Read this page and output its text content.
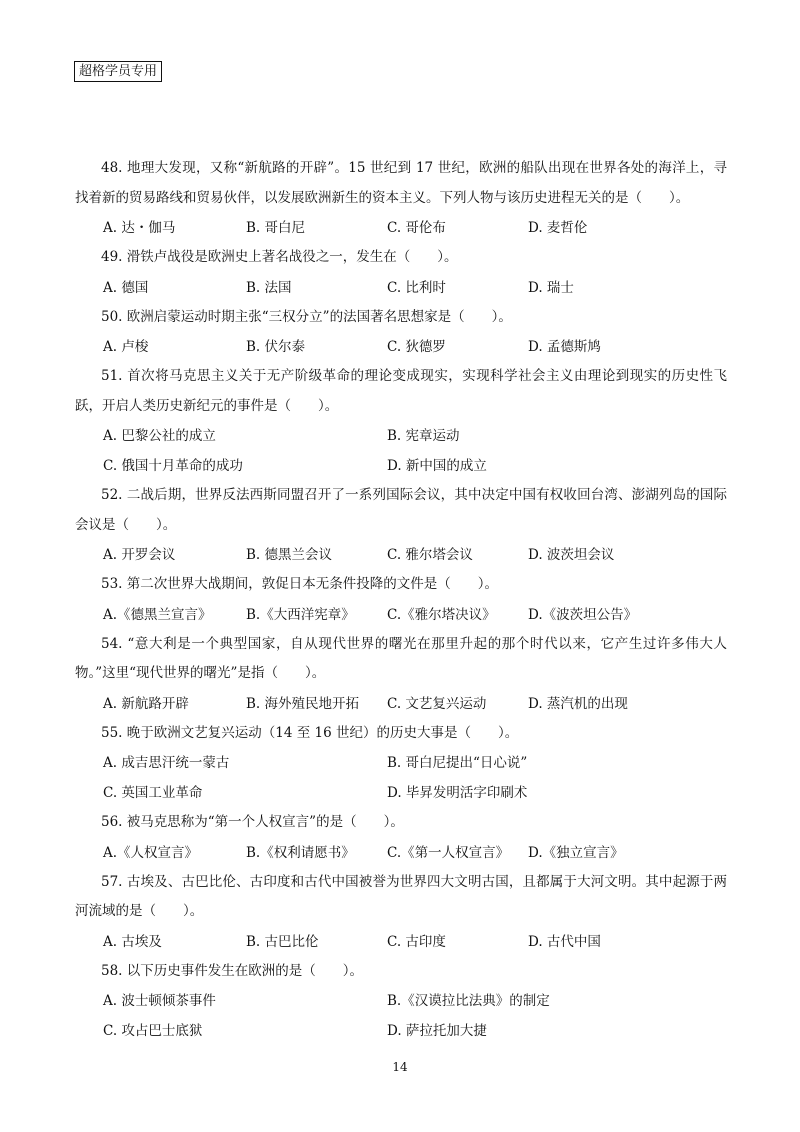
超格学员专用

48. 地理大发现，又称“新航路的开辟”。15 世纪到 17 世纪，欧洲的船队出现在世界各处的海洋上，寻找着新的贸易路线和贸易伙伴，以发展欧洲新生的资本主义。下列人物与该历史进程无关的是（　　）。

A. 达・伽马	B. 哥白尼	C. 哥伦布	D. 麦哲伦

49. 滑铁卢战役是欧洲史上著名战役之一，发生在（　　）。

A. 德国	B. 法国	C. 比利时	D. 瑞士

50. 欧洲启蒙运动时期主张“三权分立”的法国著名思想家是（　　）。

A. 卢梭	B. 伏尔泰	C. 狄德罗	D. 孟德斯鸠

51. 首次将马克思主义关于无产阶级革命的理论变成现实，实现科学社会主义由理论到现实的历史性飞跃，开启人类历史新纪元的事件是（　　）。

A. 巴黎公社的成立	B. 宪章运动
C. 俄国十月革命的成功	D. 新中国的成立

52. 二战后期，世界反法西斯同盟召开了一系列国际会议，其中决定中国有权收回台湾、澎湖列岛的国际会议是（　　）。

A. 开罗会议	B. 德黑兰会议	C. 雅尔塔会议	D. 波茨坦会议

53. 第二次世界大战期间，敦促日本无条件投降的文件是（　　）。

A.《德黑兰宣言》	B.《大西洋宪章》 C.《雅尔塔决议》 D.《波茨坦公告》

54. “意大利是一个典型国家，自从现代世界的曙光在那里升起的那个时代以来，它产生过许多伟大人物。”这里“现代世界的曙光”是指（　　）。

A. 新航路开辟	B. 海外殖民地开拓 C. 文艺复兴运动	D. 蒸汽机的出现

55. 晚于欧洲文艺复兴运动（14 至 16 世纪）的历史大事是（　　）。

A. 成吉思汗统一蒙古	B. 哥白尼提出“日心说”
C. 英国工业革命	D. 毕昇发明活字印刷术

56. 被马克思称为“第一个人权宣言”的是（　　）。

A.《人权宣言》	B.《权利请愿书》 C.《第一人权宣言》 D.《独立宣言》

57. 古埃及、古巴比伦、古印度和古代中国被誉为世界四大文明古国，且都属于大河文明。其中起源于两河流域的是（　　）。

A. 古埃及	B. 古巴比伦	C. 古印度	D. 古代中国

58. 以下历史事件发生在欧洲的是（　　）。

A. 波士顿倾茶事件	B.《汉谟拉比法典》的制定
C. 攻占巴士底狱	D. 萨拉托加大捷
14
